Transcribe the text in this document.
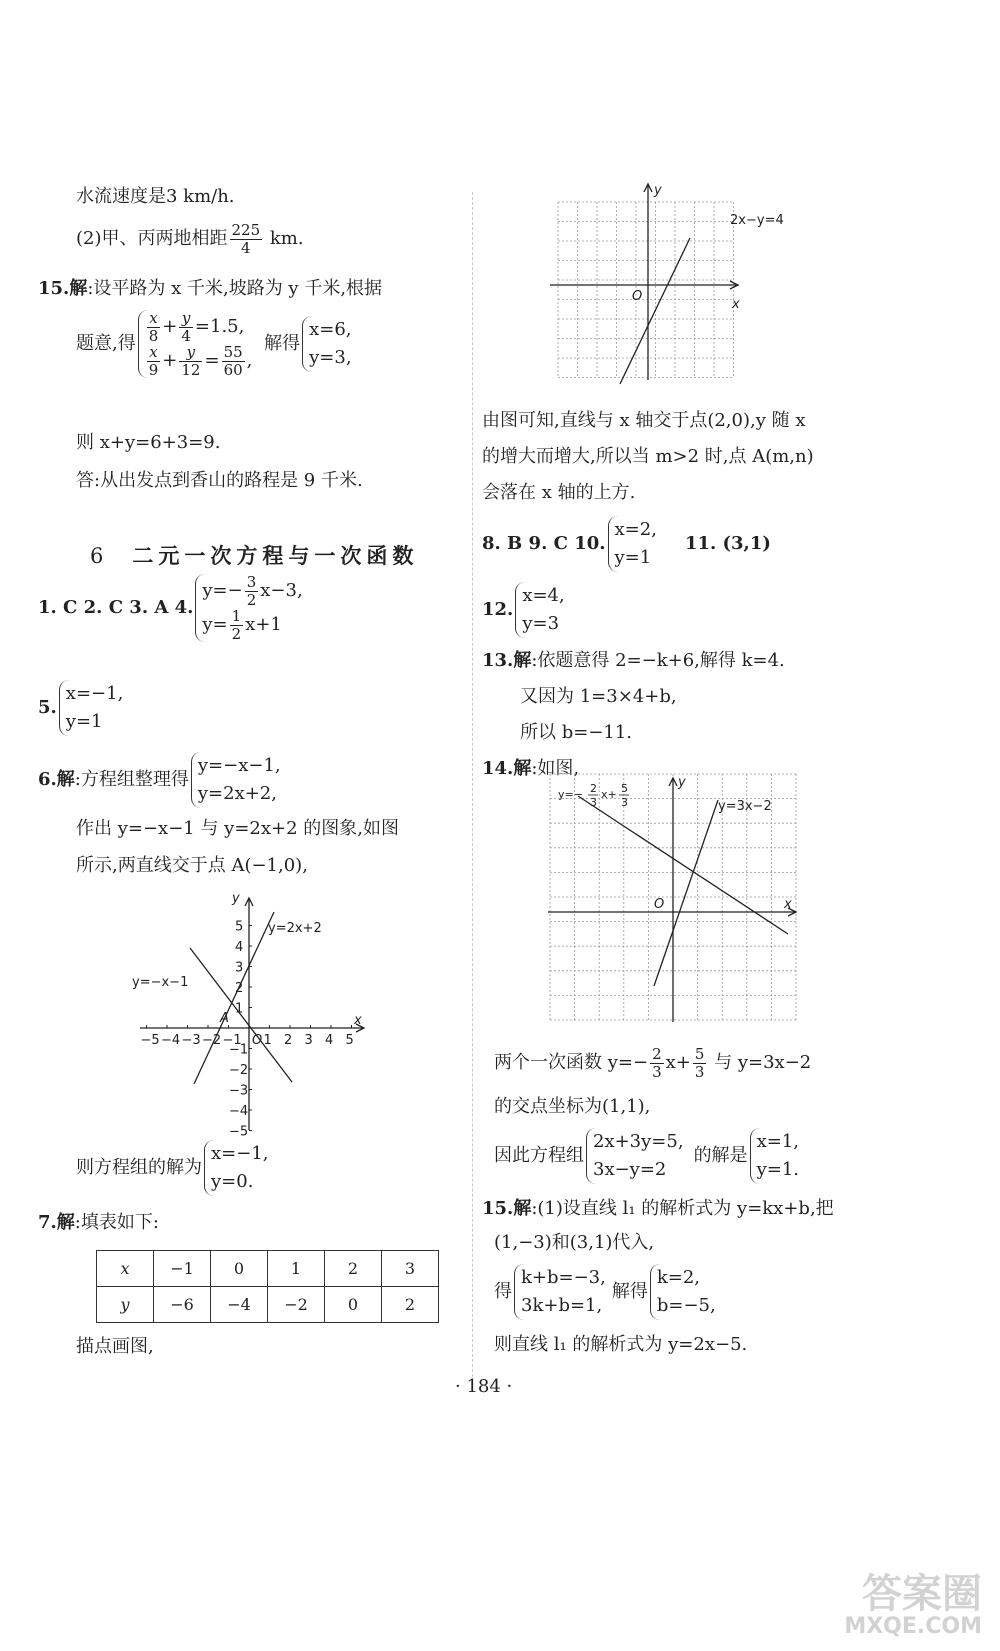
水流速度是3 km/h.
(2)甲、丙两地相距 $\frac{225}{4}$ km.
15.解:设平路为 x 千米,坡路为 y 千米,根据
题意,得 $\frac{x}{8} + \frac{y}{4} =1.5$,
$\frac{x}{9} + \frac{y}{12} = \frac{55}{60}$ ,
解得
x=6,
y=3,
则 x+y=6+3=9.
答:从出发点到香山的路程是 9 千米.
6 二元一次方程与一次函数
1. C 2. C 3. A 4.
$y=- \frac{3}{2} x-3$,
$y= \frac{1}{2} x+1$
5.
x=−1,
y=1
6.解:方程组整理得
y=−x−1,
y=2x+2,
作出 y=−x−1 与 y=2x+2 的图象,如图
所示,两直线交于点 A(−1,0),
x
y
O
y=2x+2
y=−x−1
A
−5 −4 −3 −2 −1 1 2 3 4 5
5
4
3
2
1
−1
−2
−3
−4
−5
则方程组的解为
x=−1,
y=0.
7.解:填表如下:
x	−1	0	1	2	3
y	−6	−4	−2	0	2
描点画图,
x
y
O
2x−y=4
由图可知,直线与 x 轴交于点(2,0),y 随 x
的增大而增大,所以当 m>2 时,点 A(m,n)
会落在 x 轴的上方.
8. B 9. C 10.
x=2,
y=1
11. (3,1)
12.
x=4,
y=3
13.解:依题意得 2=−k+6,解得 k=4.
又因为 1=3×4+b,
所以 b=−11.
14.解:如图,
x
y
O
y=3x−2
y=− 2
3
x+ 5
3
两个一次函数 $y=- \frac{2}{3} x+ \frac{5}{3}$ 与 y=3x−2
的交点坐标为(1,1),
因此方程组
2x+3y=5,
3x−y=2
的解是
x=1,
y=1.
15.解:(1)设直线 l₁ 的解析式为 y=kx+b,把
(1,−3)和(3,1)代入,
得
k+b=−3,
3k+b=1,
解得
k=2,
b=−5,
则直线 l₁ 的解析式为 y=2x−5.
· 184 ·
答案圈
MXQE.COM
